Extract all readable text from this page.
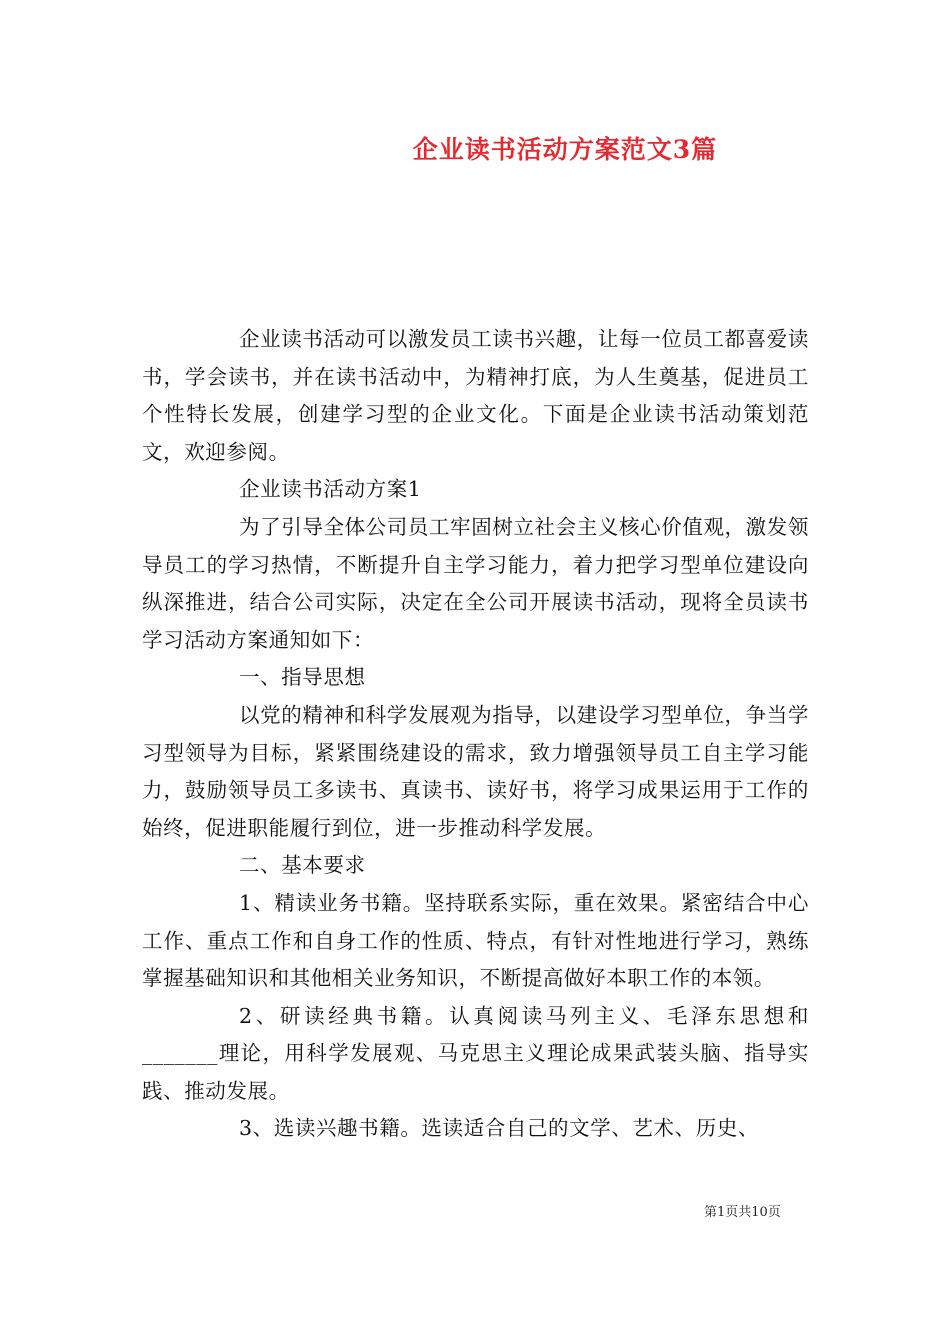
企业读书活动方案范文3篇

企业读书活动可以激发员工读书兴趣，让每一位员工都喜爱读书，学会读书，并在读书活动中，为精神打底，为人生奠基，促进员工个性特长发展，创建学习型的企业文化。下面是企业读书活动策划范文，欢迎参阅。

企业读书活动方案1

为了引导全体公司员工牢固树立社会主义核心价值观，激发领导员工的学习热情，不断提升自主学习能力，着力把学习型单位建设向纵深推进，结合公司实际，决定在全公司开展读书活动，现将全员读书学习活动方案通知如下：

一、指导思想

以党的精神和科学发展观为指导，以建设学习型单位，争当学习型领导为目标，紧紧围绕建设的需求，致力增强领导员工自主学习能力，鼓励领导员工多读书、真读书、读好书，将学习成果运用于工作的始终，促进职能履行到位，进一步推动科学发展。

二、基本要求

1、精读业务书籍。坚持联系实际，重在效果。紧密结合中心工作、重点工作和自身工作的性质、特点，有针对性地进行学习，熟练掌握基础知识和其他相关业务知识，不断提高做好本职工作的本领。

2、研读经典书籍。认真阅读马列主义、毛泽东思想和_______理论，用科学发展观、马克思主义理论成果武装头脑、指导实践、推动发展。

3、选读兴趣书籍。选读适合自己的文学、艺术、历史、

第1页共10页
